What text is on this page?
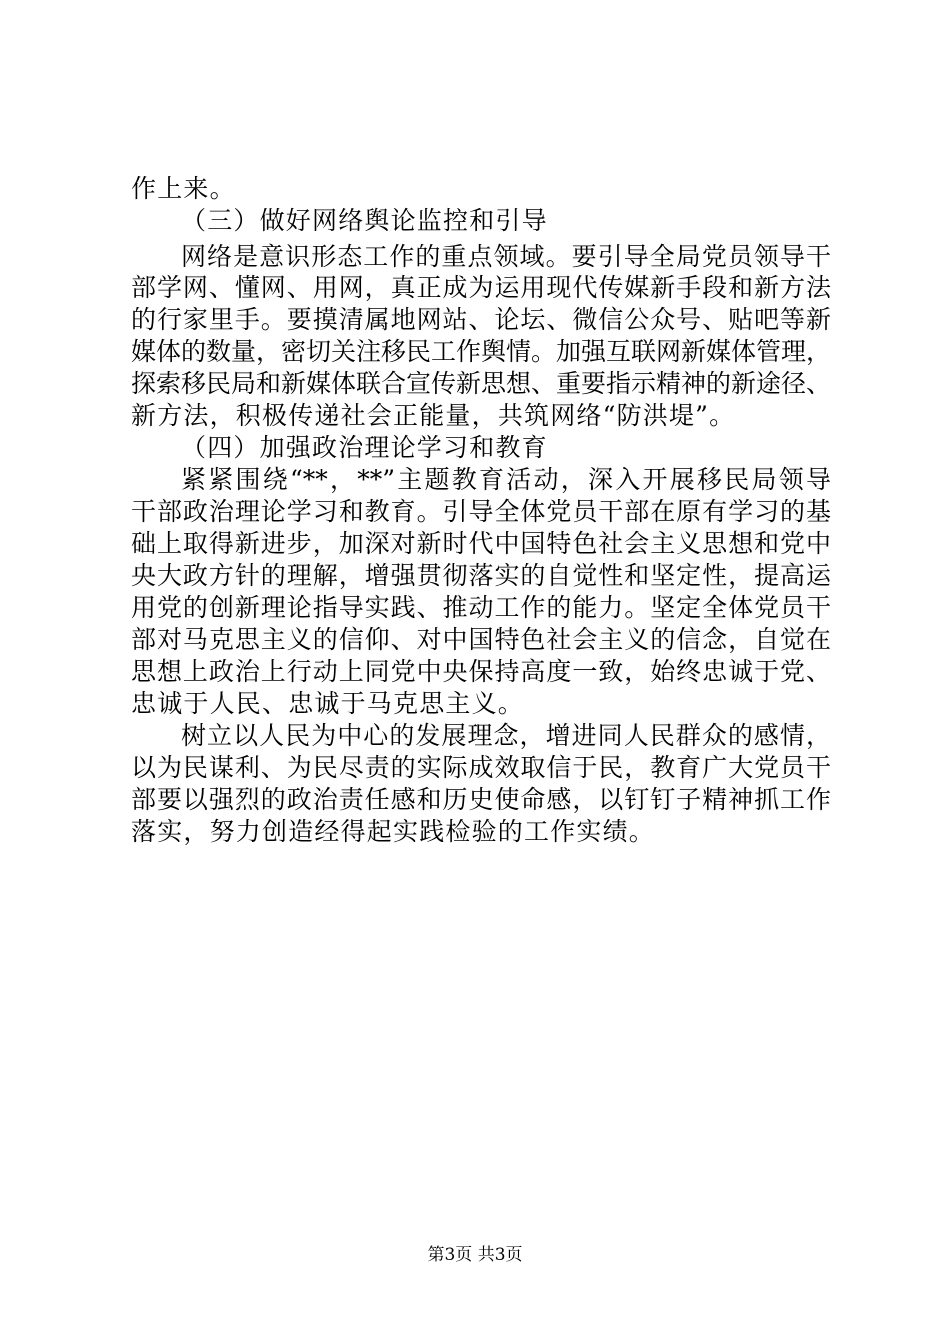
作上来。
（三）做好网络舆论监控和引导
网络是意识形态工作的重点领域。要引导全局党员领导干
部学网、懂网、用网，真正成为运用现代传媒新手段和新方法
的行家里手。要摸清属地网站、论坛、微信公众号、贴吧等新
媒体的数量，密切关注移民工作舆情。加强互联网新媒体管理，
探索移民局和新媒体联合宣传新思想、重要指示精神的新途径、
新方法，积极传递社会正能量，共筑网络“防洪堤”。
（四）加强政治理论学习和教育
紧紧围绕“**，**”主题教育活动，深入开展移民局领导
干部政治理论学习和教育。引导全体党员干部在原有学习的基
础上取得新进步，加深对新时代中国特色社会主义思想和党中
央大政方针的理解，增强贯彻落实的自觉性和坚定性，提高运
用党的创新理论指导实践、推动工作的能力。坚定全体党员干
部对马克思主义的信仰、对中国特色社会主义的信念，自觉在
思想上政治上行动上同党中央保持高度一致，始终忠诚于党、
忠诚于人民、忠诚于马克思主义。
树立以人民为中心的发展理念，增进同人民群众的感情，
以为民谋利、为民尽责的实际成效取信于民，教育广大党员干
部要以强烈的政治责任感和历史使命感，以钉钉子精神抓工作
落实，努力创造经得起实践检验的工作实绩。
第3页 共3页
